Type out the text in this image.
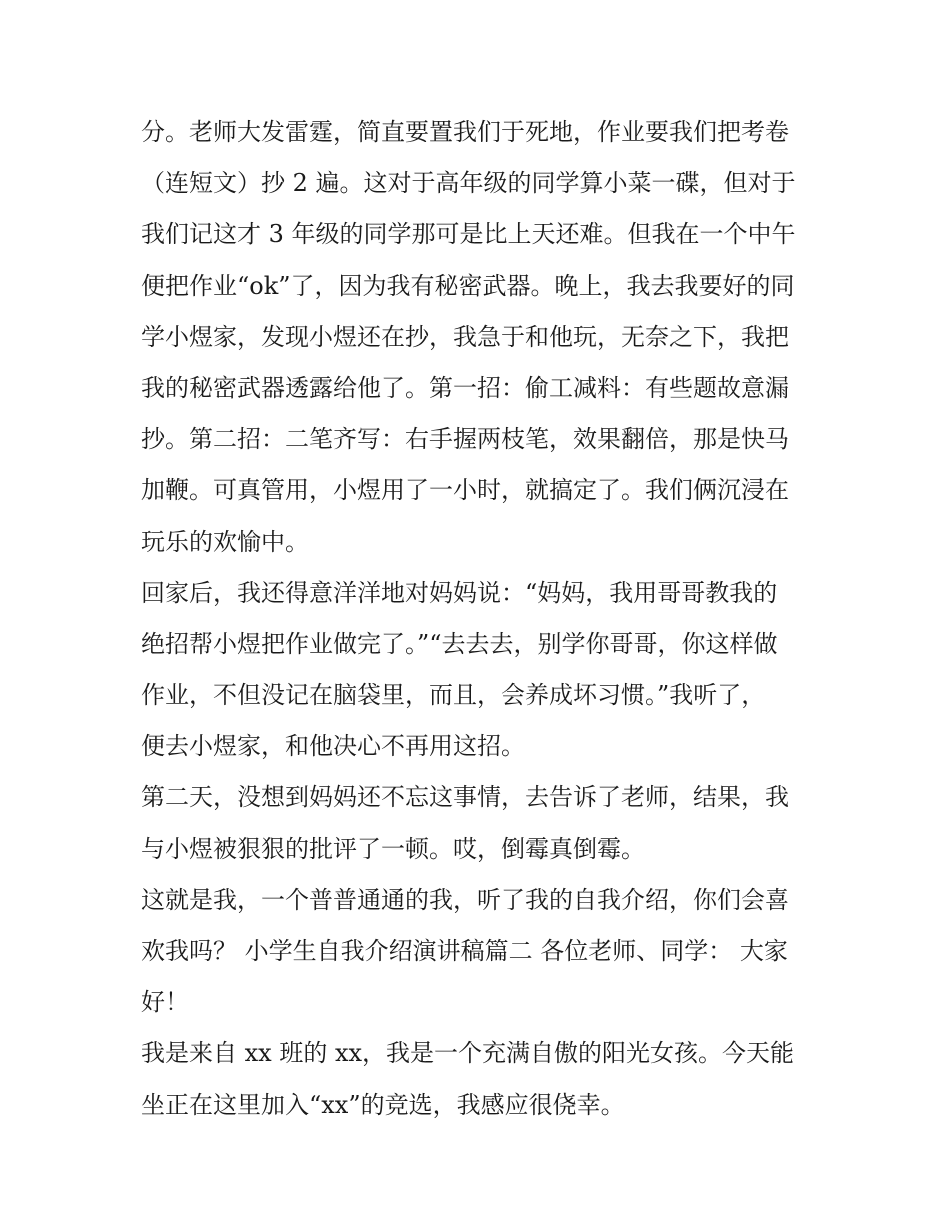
分。老师大发雷霆，简直要置我们于死地，作业要我们把考卷
（连短文）抄 2 遍。这对于高年级的同学算小菜一碟，但对于
我们记这才 3 年级的同学那可是比上天还难。但我在一个中午
便把作业“ok”了，因为我有秘密武器。晚上，我去我要好的同
学小煜家，发现小煜还在抄，我急于和他玩，无奈之下，我把
我的秘密武器透露给他了。第一招：偷工减料：有些题故意漏
抄。第二招：二笔齐写：右手握两枝笔，效果翻倍，那是快马
加鞭。可真管用，小煜用了一小时，就搞定了。我们俩沉浸在
玩乐的欢愉中。
回家后，我还得意洋洋地对妈妈说：“妈妈，我用哥哥教我的
绝招帮小煜把作业做完了。”“去去去，别学你哥哥，你这样做
作业，不但没记在脑袋里，而且，会养成坏习惯。”我听了，
便去小煜家，和他决心不再用这招。
第二天，没想到妈妈还不忘这事情，去告诉了老师，结果，我
与小煜被狠狠的批评了一顿。哎，倒霉真倒霉。
这就是我，一个普普通通的我，听了我的自我介绍，你们会喜
欢我吗？ 小学生自我介绍演讲稿篇二 各位老师、同学： 大家
好！
我是来自 xx 班的 xx，我是一个充满自傲的阳光女孩。今天能
坐正在这里加入“xx”的竞选，我感应很侥幸。
